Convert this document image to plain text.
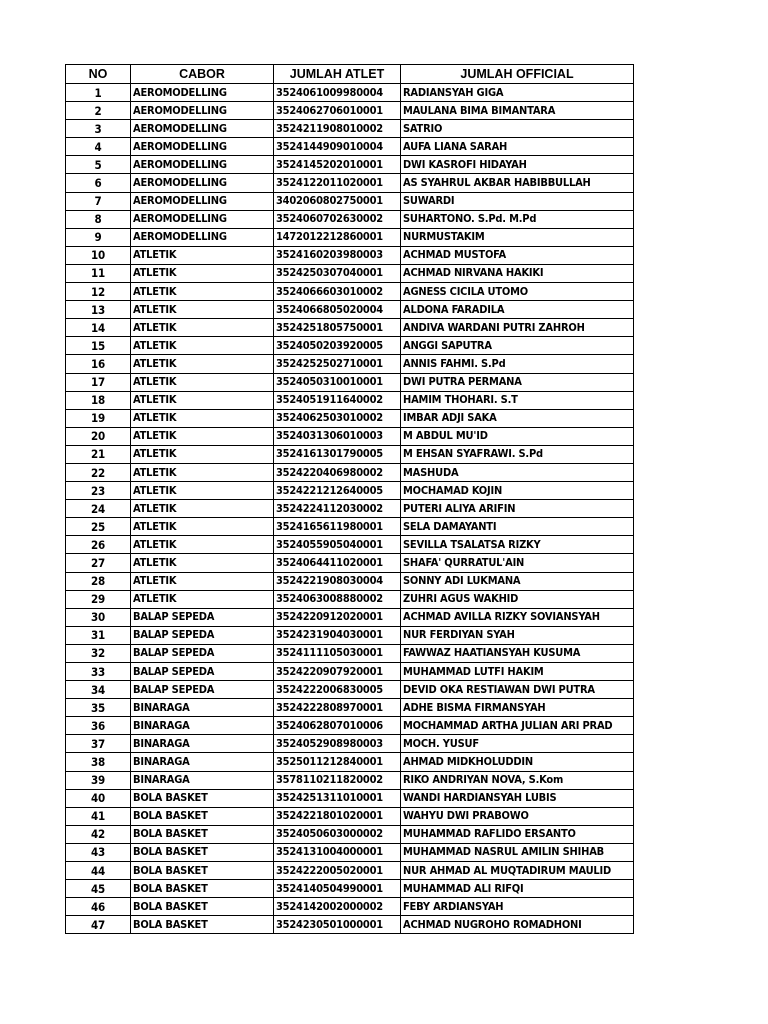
NO	CABOR	JUMLAH ATLET	JUMLAH OFFICIAL
1	AEROMODELLING	3524061009980004	RADIANSYAH GIGA
2	AEROMODELLING	3524062706010001	MAULANA BIMA BIMANTARA
3	AEROMODELLING	3524211908010002	SATRIO
4	AEROMODELLING	3524144909010004	AUFA LIANA SARAH
5	AEROMODELLING	3524145202010001	DWI KASROFI HIDAYAH
6	AEROMODELLING	3524122011020001	AS SYAHRUL AKBAR HABIBBULLAH
7	AEROMODELLING	3402060802750001	SUWARDI
8	AEROMODELLING	3524060702630002	SUHARTONO. S.Pd. M.Pd
9	AEROMODELLING	1472012212860001	NURMUSTAKIM
10	ATLETIK	3524160203980003	ACHMAD MUSTOFA
11	ATLETIK	3524250307040001	ACHMAD NIRVANA HAKIKI
12	ATLETIK	3524066603010002	AGNESS CICILA UTOMO
13	ATLETIK	3524066805020004	ALDONA FARADILA
14	ATLETIK	3524251805750001	ANDIVA WARDANI PUTRI ZAHROH
15	ATLETIK	3524050203920005	ANGGI SAPUTRA
16	ATLETIK	3524252502710001	ANNIS FAHMI. S.Pd
17	ATLETIK	3524050310010001	DWI PUTRA PERMANA
18	ATLETIK	3524051911640002	HAMIM THOHARI. S.T
19	ATLETIK	3524062503010002	IMBAR ADJI SAKA
20	ATLETIK	3524031306010003	M ABDUL MU'ID
21	ATLETIK	3524161301790005	M EHSAN SYAFRAWI. S.Pd
22	ATLETIK	3524220406980002	MASHUDA
23	ATLETIK	3524221212640005	MOCHAMAD KOJIN
24	ATLETIK	3524224112030002	PUTERI ALIYA ARIFIN
25	ATLETIK	3524165611980001	SELA DAMAYANTI
26	ATLETIK	3524055905040001	SEVILLA TSALATSA RIZKY
27	ATLETIK	3524064411020001	SHAFA' QURRATUL'AIN
28	ATLETIK	3524221908030004	SONNY ADI LUKMANA
29	ATLETIK	3524063008880002	ZUHRI AGUS WAKHID
30	BALAP SEPEDA	3524220912020001	ACHMAD AVILLA RIZKY SOVIANSYAH
31	BALAP SEPEDA	3524231904030001	NUR FERDIYAN SYAH
32	BALAP SEPEDA	3524111105030001	FAWWAZ HAATIANSYAH KUSUMA
33	BALAP SEPEDA	3524220907920001	MUHAMMAD LUTFI HAKIM
34	BALAP SEPEDA	3524222006830005	DEVID OKA RESTIAWAN DWI PUTRA
35	BINARAGA	3524222808970001	ADHE BISMA FIRMANSYAH
36	BINARAGA	3524062807010006	MOCHAMMAD ARTHA JULIAN ARI PRAD
37	BINARAGA	3524052908980003	MOCH. YUSUF
38	BINARAGA	3525011212840001	AHMAD MIDKHOLUDDIN
39	BINARAGA	3578110211820002	RIKO ANDRIYAN NOVA, S.Kom
40	BOLA BASKET	3524251311010001	WANDI HARDIANSYAH LUBIS
41	BOLA BASKET	3524221801020001	WAHYU DWI PRABOWO
42	BOLA BASKET	3524050603000002	MUHAMMAD RAFLIDO ERSANTO
43	BOLA BASKET	3524131004000001	MUHAMMAD NASRUL AMILIN SHIHAB
44	BOLA BASKET	3524222005020001	NUR AHMAD AL MUQTADIRUM MAULID
45	BOLA BASKET	3524140504990001	MUHAMMAD ALI RIFQI
46	BOLA BASKET	3524142002000002	FEBY ARDIANSYAH
47	BOLA BASKET	3524230501000001	ACHMAD NUGROHO ROMADHONI
